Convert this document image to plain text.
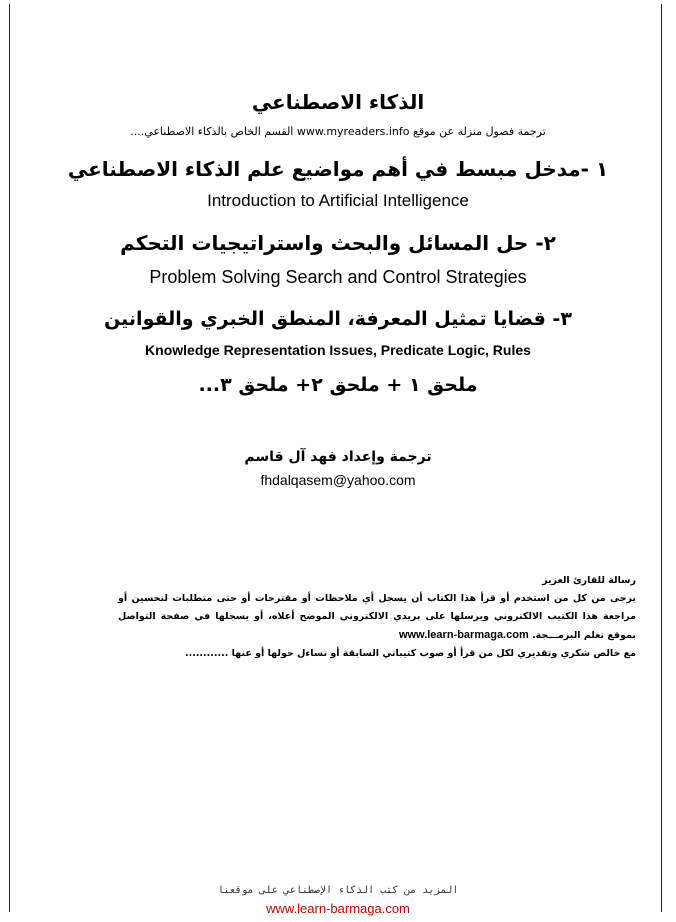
الذكاء الاصطناعي
ترجمة فصول منزلة عن موقع www.myreaders.info القسم الخاص بالذكاء الاصطناعي....
١ -مدخل مبسط في أهم مواضيع علم الذكاء الاصطناعي
Introduction to Artificial Intelligence
٢- حل المسائل والبحث واستراتيجيات التحكم
Problem Solving Search and Control Strategies
٣- قضايا تمثيل المعرفة، المنطق الخبري والقوانين
Knowledge Representation Issues, Predicate Logic, Rules
ملحق ١ + ملحق ٢+ ملحق ٣...
ترجمة وإعداد فهد آل قاسم
fhdalqasem@yahoo.com
رسالة للقارئ العزيز
يرجى من كل من استخدم أو قرأ هذا الكتاب أن يسجل أي ملاحظات أو مقترحات أو حتى متطلبات لتحسين أو مراجعة هذا الكتيب الالكتروني ويرسلها على بريدي الالكتروني الموضح أعلاه، أو يسجلها في صفحة التواصل بموقع تعلم البرمـــجة. www.learn-barmaga.com
مع خالص شكري وتقديري لكل من قرأ أو صوب كتيباتي السابقة أو تساءل حولها أو عنها ............
المزيد من كتب الذكاء الإصطناعي على موقعنا
www.learn-barmaga.com
